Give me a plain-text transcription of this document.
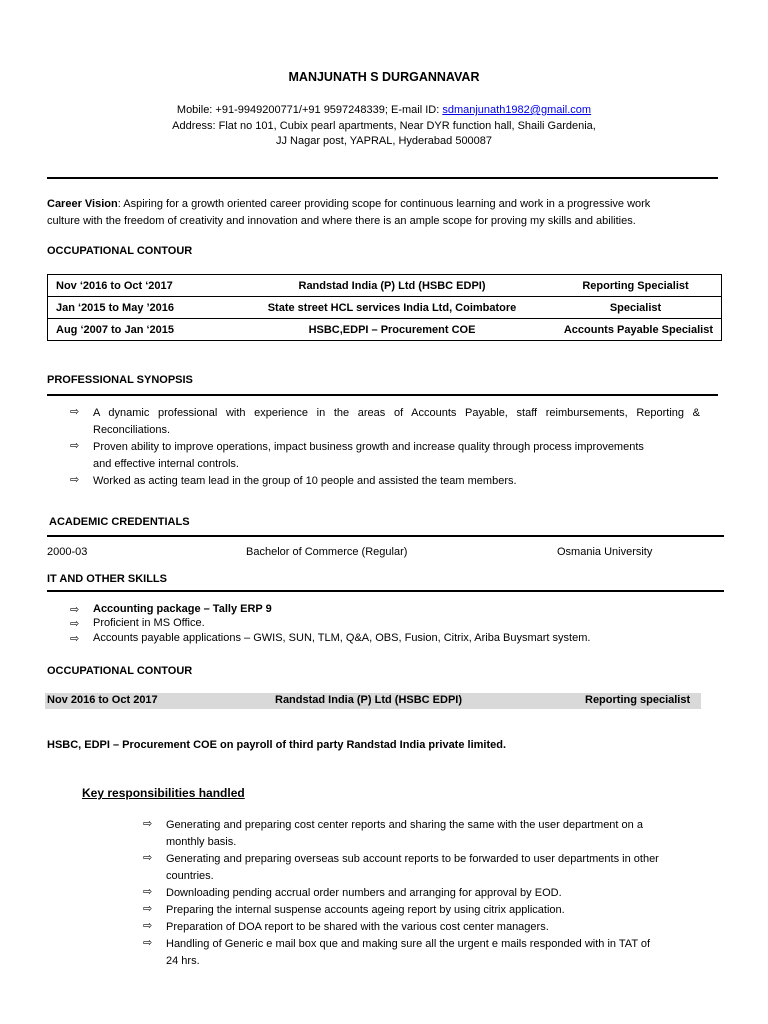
MANJUNATH S DURGANNAVAR
Mobile: +91-9949200771/+91 9597248339; E-mail ID: sdmanjunath1982@gmail.com
Address: Flat no 101, Cubix pearl apartments, Near DYR function hall, Shaili Gardenia,
JJ Nagar post, YAPRAL, Hyderabad 500087
Career Vision: Aspiring for a growth oriented career providing scope for continuous learning and work in a progressive work
culture with the freedom of creativity and innovation and where there is an ample scope for proving my skills and abilities.
OCCUPATIONAL CONTOUR
Nov ‘2016 to Oct ‘2017	Randstad India (P) Ltd (HSBC EDPI)	Reporting Specialist
Jan ‘2015 to May ’2016	State street HCL services India Ltd, Coimbatore	Specialist
Aug ‘2007 to Jan ‘2015	HSBC,EDPI – Procurement COE	Accounts Payable Specialist
PROFESSIONAL SYNOPSIS
⇨	A dynamic professional with experience in the areas of Accounts Payable, staff reimbursements, Reporting &
Reconciliations.
⇨	Proven ability to improve operations, impact business growth and increase quality through process improvements
and effective internal controls.
⇨	Worked as acting team lead in the group of 10 people and assisted the team members.
ACADEMIC CREDENTIALS
2000-03	Bachelor of Commerce (Regular)	Osmania University
IT AND OTHER SKILLS
⇨	Accounting package – Tally ERP 9
⇨	Proficient in MS Office.
⇨	Accounts payable applications – GWIS, SUN, TLM, Q&A, OBS, Fusion, Citrix, Ariba Buysmart system.
OCCUPATIONAL CONTOUR
Nov 2016 to Oct 2017	Randstad India (P) Ltd (HSBC EDPI)	Reporting specialist
HSBC, EDPI – Procurement COE on payroll of third party Randstad India private limited.
Key responsibilities handled
⇨	Generating and preparing cost center reports and sharing the same with the user department on a
monthly basis.
⇨	Generating and preparing overseas sub account reports to be forwarded to user departments in other
countries.
⇨	Downloading pending accrual order numbers and arranging for approval by EOD.
⇨	Preparing the internal suspense accounts ageing report by using citrix application.
⇨	Preparation of DOA report to be shared with the various cost center managers.
⇨	Handling of Generic e mail box que and making sure all the urgent e mails responded with in TAT of
24 hrs.
